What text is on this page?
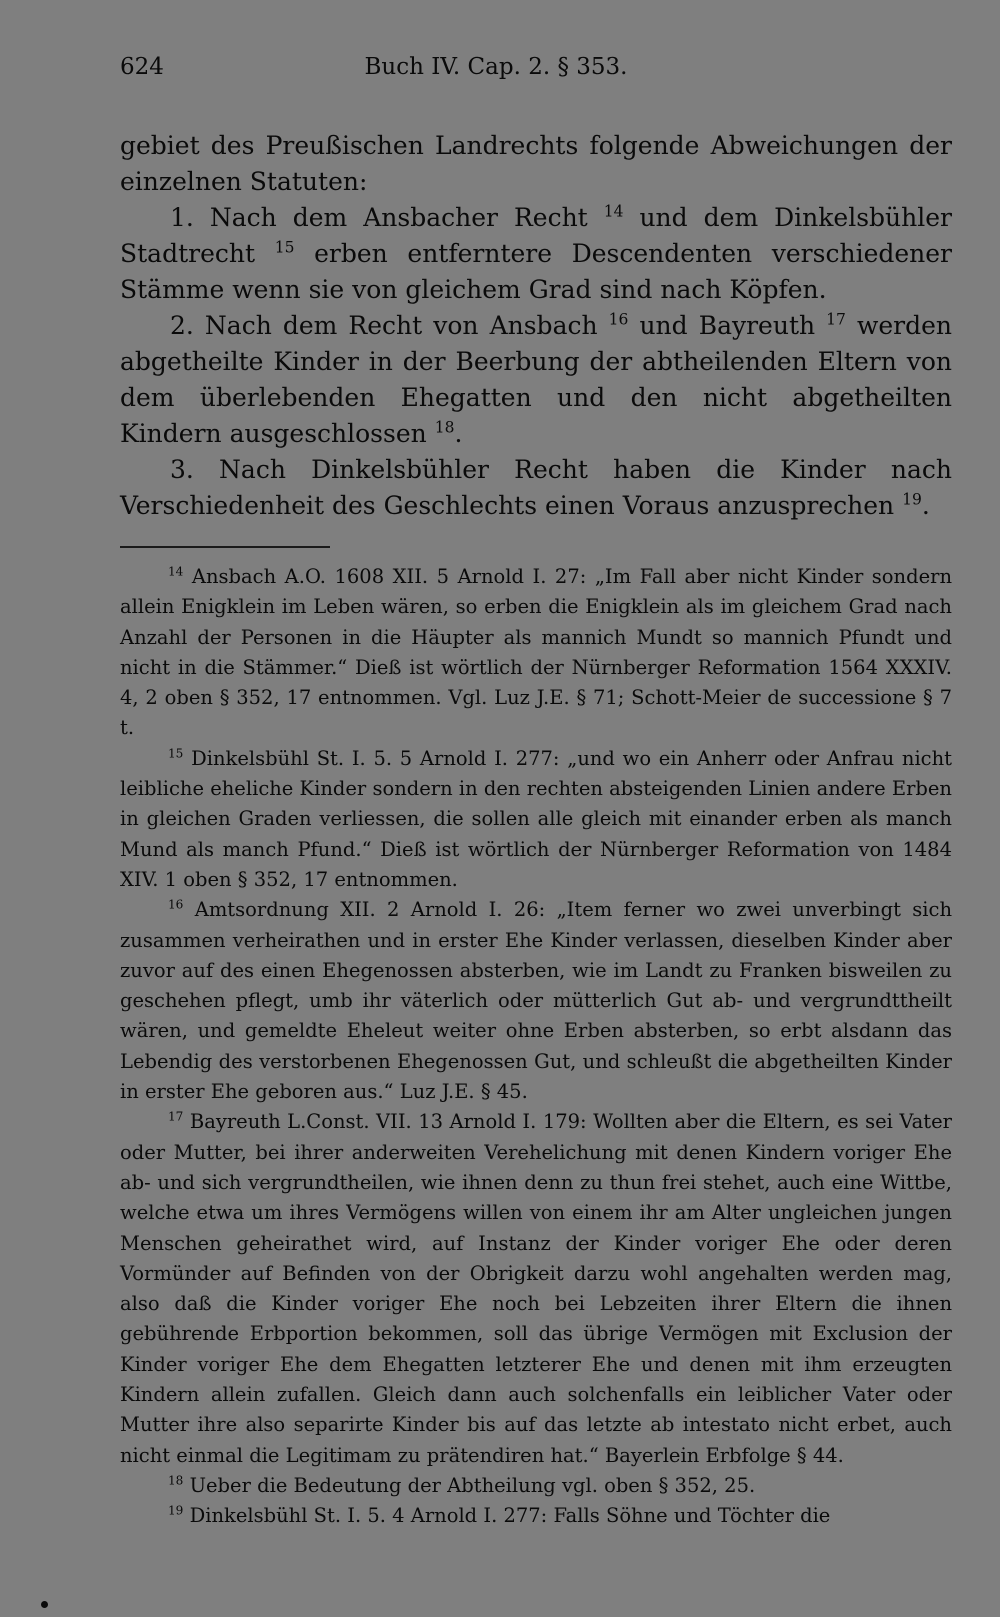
624	Buch IV. Cap. 2. § 353.

gebiet des Preußischen Landrechts folgende Abweichungen der einzelnen Statuten:

1. Nach dem Ansbacher Recht $^{14}$ und dem Dinkelsbühler Stadtrecht $^{15}$ erben entferntere Descendenten verschiedener Stämme wenn sie von gleichem Grad sind nach Köpfen.

2. Nach dem Recht von Ansbach $^{16}$ und Bayreuth $^{17}$ werden abgetheilte Kinder in der Beerbung der abtheilenden Eltern von dem überlebenden Ehegatten und den nicht abgetheilten Kindern ausgeschlossen $^{18}$.

3. Nach Dinkelsbühler Recht haben die Kinder nach Verschiedenheit des Geschlechts einen Voraus anzusprechen $^{19}$.

$^{14}$ Ansbach A.O. 1608 XII. 5 Arnold I. 27: „Im Fall aber nicht Kinder sondern allein Enigklein im Leben wären, so erben die Enigklein als im gleichem Grad nach Anzahl der Personen in die Häupter als mannich Mundt so mannich Pfundt und nicht in die Stämmer.“ Dieß ist wörtlich der Nürnberger Reformation 1564 XXXIV. 4, 2 oben § 352, 17 entnommen. Vgl. Luz J.E. § 71; Schott-Meier de successione § 7 t.

$^{15}$ Dinkelsbühl St. I. 5. 5 Arnold I. 277: „und wo ein Anherr oder Anfrau nicht leibliche eheliche Kinder sondern in den rechten absteigenden Linien andere Erben in gleichen Graden verliessen, die sollen alle gleich mit einander erben als manch Mund als manch Pfund.“ Dieß ist wörtlich der Nürnberger Reformation von 1484 XIV. 1 oben § 352, 17 entnommen.

$^{16}$ Amtsordnung XII. 2 Arnold I. 26: „Item ferner wo zwei unverbingt sich zusammen verheirathen und in erster Ehe Kinder verlassen, dieselben Kinder aber zuvor auf des einen Ehegenossen absterben, wie im Landt zu Franken bisweilen zu geschehen pflegt, umb ihr väterlich oder mütterlich Gut ab- und vergrundttheilt wären, und gemeldte Eheleut weiter ohne Erben absterben, so erbt alsdann das Lebendig des verstorbenen Ehegenossen Gut, und schleußt die abgetheilten Kinder in erster Ehe geboren aus.“ Luz J.E. § 45.

$^{17}$ Bayreuth L.Const. VII. 13 Arnold I. 179: Wollten aber die Eltern, es sei Vater oder Mutter, bei ihrer anderweiten Verehelichung mit denen Kindern voriger Ehe ab- und sich vergrundtheilen, wie ihnen denn zu thun frei stehet, auch eine Wittbe, welche etwa um ihres Vermögens willen von einem ihr am Alter ungleichen jungen Menschen geheirathet wird, auf Instanz der Kinder voriger Ehe oder deren Vormünder auf Befinden von der Obrigkeit darzu wohl angehalten werden mag, also daß die Kinder voriger Ehe noch bei Lebzeiten ihrer Eltern die ihnen gebührende Erbportion bekommen, soll das übrige Vermögen mit Exclusion der Kinder voriger Ehe dem Ehegatten letzterer Ehe und denen mit ihm erzeugten Kindern allein zufallen. Gleich dann auch solchenfalls ein leiblicher Vater oder Mutter ihre also separirte Kinder bis auf das letzte ab intestato nicht erbet, auch nicht einmal die Legitimam zu prätendiren hat.“ Bayerlein Erbfolge § 44.

$^{18}$ Ueber die Bedeutung der Abtheilung vgl. oben § 352, 25.

$^{19}$ Dinkelsbühl St. I. 5. 4 Arnold I. 277: Falls Söhne und Töchter die
